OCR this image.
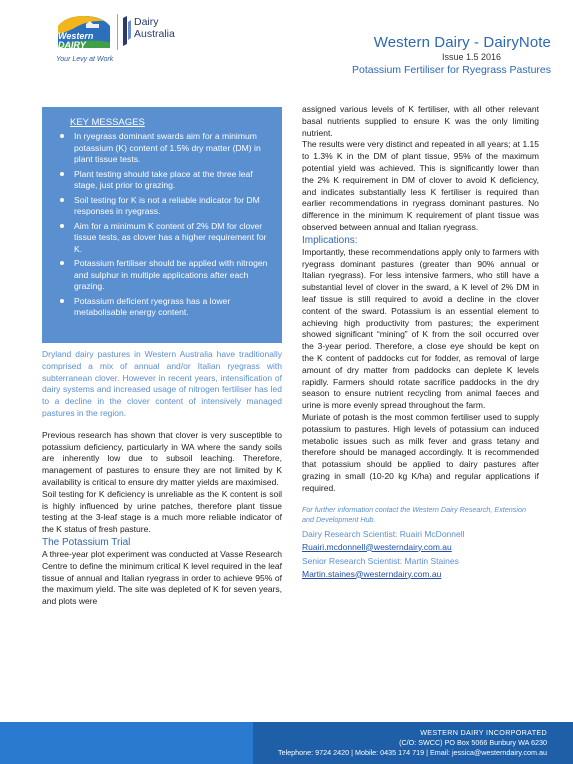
Western
DAIRY
Dairy
Australia
Your Levy at Work
Western Dairy - DairyNote
Issue 1.5 2016
Potassium Fertiliser for Ryegrass Pastures
KEY MESSAGES
In ryegrass dominant swards aim for a minimum potassium (K) content of 1.5% dry matter (DM) in plant tissue tests.
Plant testing should take place at the three leaf stage, just prior to grazing.
Soil testing for K is not a reliable indicator for DM responses in ryegrass.
Aim for a minimum K content of 2% DM for clover tissue tests, as clover has a higher requirement for K.
Potassium fertiliser should be applied with nitrogen and sulphur in multiple applications after each grazing.
Potassium deficient ryegrass has a lower metabolisable energy content.

Dryland dairy pastures in Western Australia have traditionally comprised a mix of annual and/or Italian ryegrass with subterranean clover. However in recent years, intensification of dairy systems and increased usage of nitrogen fertiliser has led to a decline in the clover content of intensively managed pastures in the region.

Previous research has shown that clover is very susceptible to potassium deficiency, particularly in WA where the sandy soils are inherently low due to subsoil leaching. Therefore, management of pastures to ensure they are not limited by K availability is critical to ensure dry matter yields are maximised.

Soil testing for K deficiency is unreliable as the K content is soil is highly influenced by urine patches, therefore plant tissue testing at the 3-leaf stage is a much more reliable indicator of the K status of fresh pasture.

The Potassium Trial

A three-year plot experiment was conducted at Vasse Research Centre to define the minimum critical K level required in the leaf tissue of annual and Italian ryegrass in order to achieve 95% of the maximum yield. The site was depleted of K for seven years, and plots were

assigned various levels of K fertiliser, with all other relevant basal nutrients supplied to ensure K was the only limiting nutrient.

The results were very distinct and repeated in all years; at 1.15 to 1.3% K in the DM of plant tissue, 95% of the maximum potential yield was achieved. This is significantly lower than the 2% K requirement in DM of clover to avoid K deficiency, and indicates substantially less K fertiliser is required than earlier recommendations in ryegrass dominant pastures. No difference in the minimum K requirement of plant tissue was observed between annual and Italian ryegrass.

Implications:

Importantly, these recommendations apply only to farmers with ryegrass dominant pastures (greater than 90% annual or Italian ryegrass). For less intensive farmers, who still have a substantial level of clover in the sward, a K level of 2% DM in leaf tissue is still required to avoid a decline in the clover content of the sward. Potassium is an essential element to achieving high productivity from pastures; the experiment showed significant “mining” of K from the soil occurred over the 3-year period. Therefore, a close eye should be kept on the K content of paddocks cut for fodder, as removal of large amount of dry matter from paddocks can deplete K levels rapidly. Farmers should rotate sacrifice paddocks in the dry season to ensure nutrient recycling from animal faeces and urine is more evenly spread throughout the farm.

Muriate of potash is the most common fertiliser used to supply potassium to pastures. High levels of potassium can induced metabolic issues such as milk fever and grass tetany and therefore should be managed accordingly. It is recommended that potassium should be applied to dairy pastures after grazing in small (10-20 kg K/ha) and regular applications if required.

For further information contact the Western Dairy Research, Extension and Development Hub.
Dairy Research Scientist: Ruairi McDonnell
Ruairi.mcdonnell@westerndairy.com.au
Senior Research Scientist: Martin Staines
Martin.staines@westerndairy.com.au
WESTERN DAIRY INCORPORATED
(C/O: SWCC) PO Box 5066 Bunbury WA 6230
Telephone: 9724 2420 | Mobile: 0435 174 719 | Email: jessica@westerndairy.com.au
